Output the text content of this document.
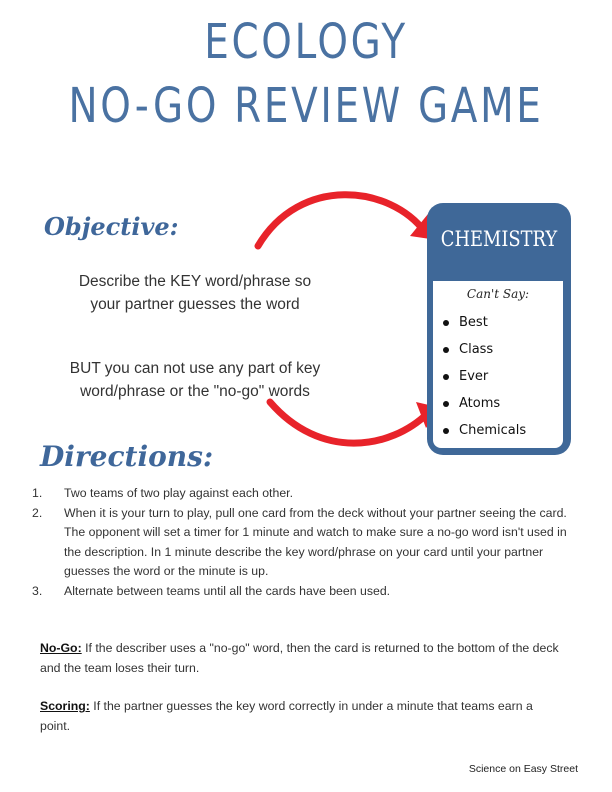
ECOLOGY
NO-GO REVIEW GAME
Objective:
Describe the KEY word/phrase so
your partner guesses the word
BUT you can not use any part of key
word/phrase or the "no-go" words
CHEMISTRY
Can't Say:
Best
Class
Ever
Atoms
Chemicals
Directions:
1. Two teams of two play against each other.
2. When it is your turn to play, pull one card from the deck without your partner seeing the card. The opponent will set a timer for 1 minute and watch to make sure a no-go word isn't used in the description. In 1 minute describe the key word/phrase on your card until your partner guesses the word or the minute is up.
3. Alternate between teams until all the cards have been used.
No-Go: If the describer uses a "no-go" word, then the card is returned to the bottom of the deck and the team loses their turn.
Scoring: If the partner guesses the key word correctly in under a minute that teams earn a point.
Science on Easy Street
